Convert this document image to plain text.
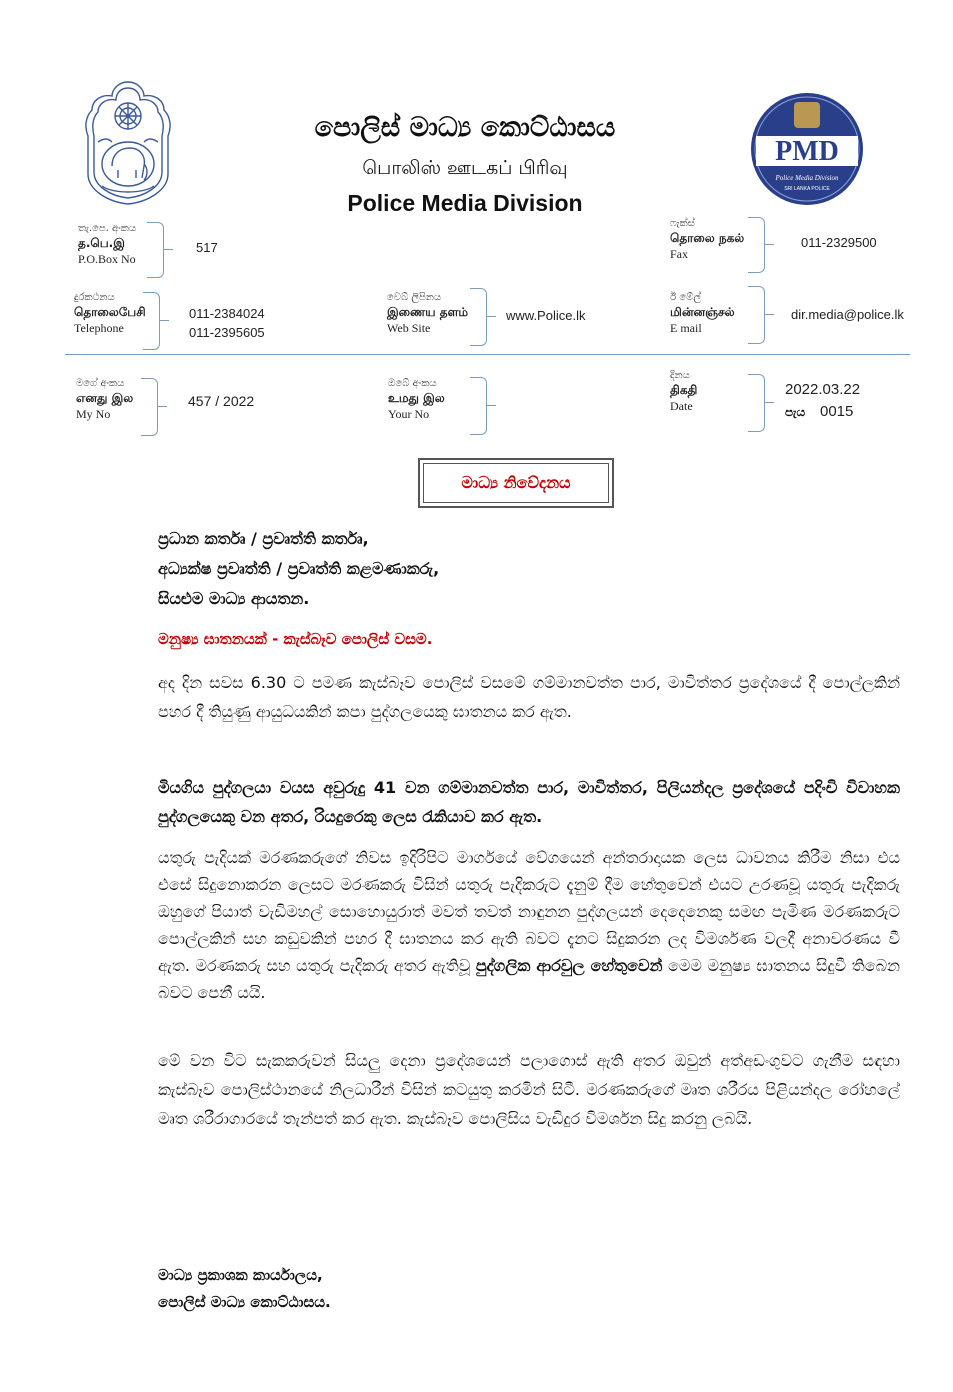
පොලිස් මාධ්‍ය කොට්ඨාසය
பொலிஸ் ஊடகப் பிரிவு
Police Media Division
PMD
Police Media Division
SRI LANKA POLICE
තැ.පෙ. අංකය
த.பெ.இ
P.O.Box No
517
ෆැක්ස්
தொலை நகல்
Fax
011-2329500
දුරකථනය
தொலைபேசி
Telephone
011-2384024
011-2395605
වෙබ් ලිපිනය
இணைய தளம்
Web Site
www.Police.lk
ඊ මේල්
மின்னஞ்சல்
E mail
dir.media@police.lk
මගේ අංකය
எனது இல
My No
457 / 2022
ඔබේ අංකය
உமது இல
Your No
දිනය
திகதி
Date
2022.03.22
පැය 0015
මාධ්‍ය නිවේදනය
ප්‍රධාන කර්තෘ / ප්‍රවෘත්ති කර්තෘ,
අධ්‍යක්ෂ ප්‍රවෘත්ති / ප්‍රවෘත්ති කළමණාකරු,
සියළුම මාධ්‍ය ආයතන.
මනුෂ්‍ය ඝාතනයක් - කැස්බෑව පොලිස් වසම.
අද දින සවස 6.30 ට පමණ කැස්බෑව පොලිස් වසමේ ගම්මානවත්ත පාර, මාවිත්තර ප්‍රදේශයේ දී පොල්ලකින් පහර දී තියුණු ආයුධයකින් කපා පුද්ගලයෙකු ඝාතනය කර ඇත.
මියගිය පුද්ගලයා වයස අවුරුදු 41 වන ගම්මානවත්ත පාර, මාවිත්තර, පිලියන්දල ප්‍රදේශයේ පදිංචි විවාහක පුද්ගලයෙකු වන අතර, රියදුරෙකු ලෙස රැකියාව කර ඇත.
යතුරු පැදියක් මරණකරුගේ නිවස ඉදිරිපිට මාර්ගයේ වේගයෙන් අන්තරාදායක ලෙස ධාවනය කිරීම නිසා එය එසේ සිදුනොකරන ලෙසට මරණකරු විසින් යතුරු පැදිකරුට දැනුම් දීම හේතුවෙන් එයට උරණවූ යතුරු පැදිකරු ඔහුගේ පියාත් වැඩිමහල් සොහොයුරාත් මවත් තවත් නාඳුනන පුද්ගලයන් දෙදෙනෙකු සමඟ පැමිණ මරණකරුට පොල්ලකින් සහ කඩුවකින් පහර දී ඝාතනය කර ඇති බවට දැනට සිදුකරන ලද විමර්ශණ වලදී අනාවරණය වී ඇත. මරණකරු සහ යතුරු පැදිකරු අතර ඇතිවූ පුද්ගලික ආරවුල හේතුවෙන් මෙම මනුෂ්‍ය ඝාතනය සිදුවී තිබෙන බවට පෙනී යයි.
මේ වන විට සැකකරුවන් සියලු දෙනා ප්‍රදේශයෙන් පලාගොස් ඇති අතර ඔවුන් අත්අඩංගුවට ගැනීම සඳහා කැස්බෑව පොලිස්ථානයේ නිලධාරීන් විසින් කටයුතු කරමින් සිටී. මරණකරුගේ මෘත ශරීරය පිළියන්දල රෝහලේ මෘත ශරීරාගාරයේ තැන්පත් කර ඇත. කැස්බෑව පොලිසිය වැඩිදුර විමර්ශන සිදු කරනු ලබයි.
මාධ්‍ය ප්‍රකාශක කාර්යාලය,
පොලිස් මාධ්‍ය කොට්ඨාසය.
